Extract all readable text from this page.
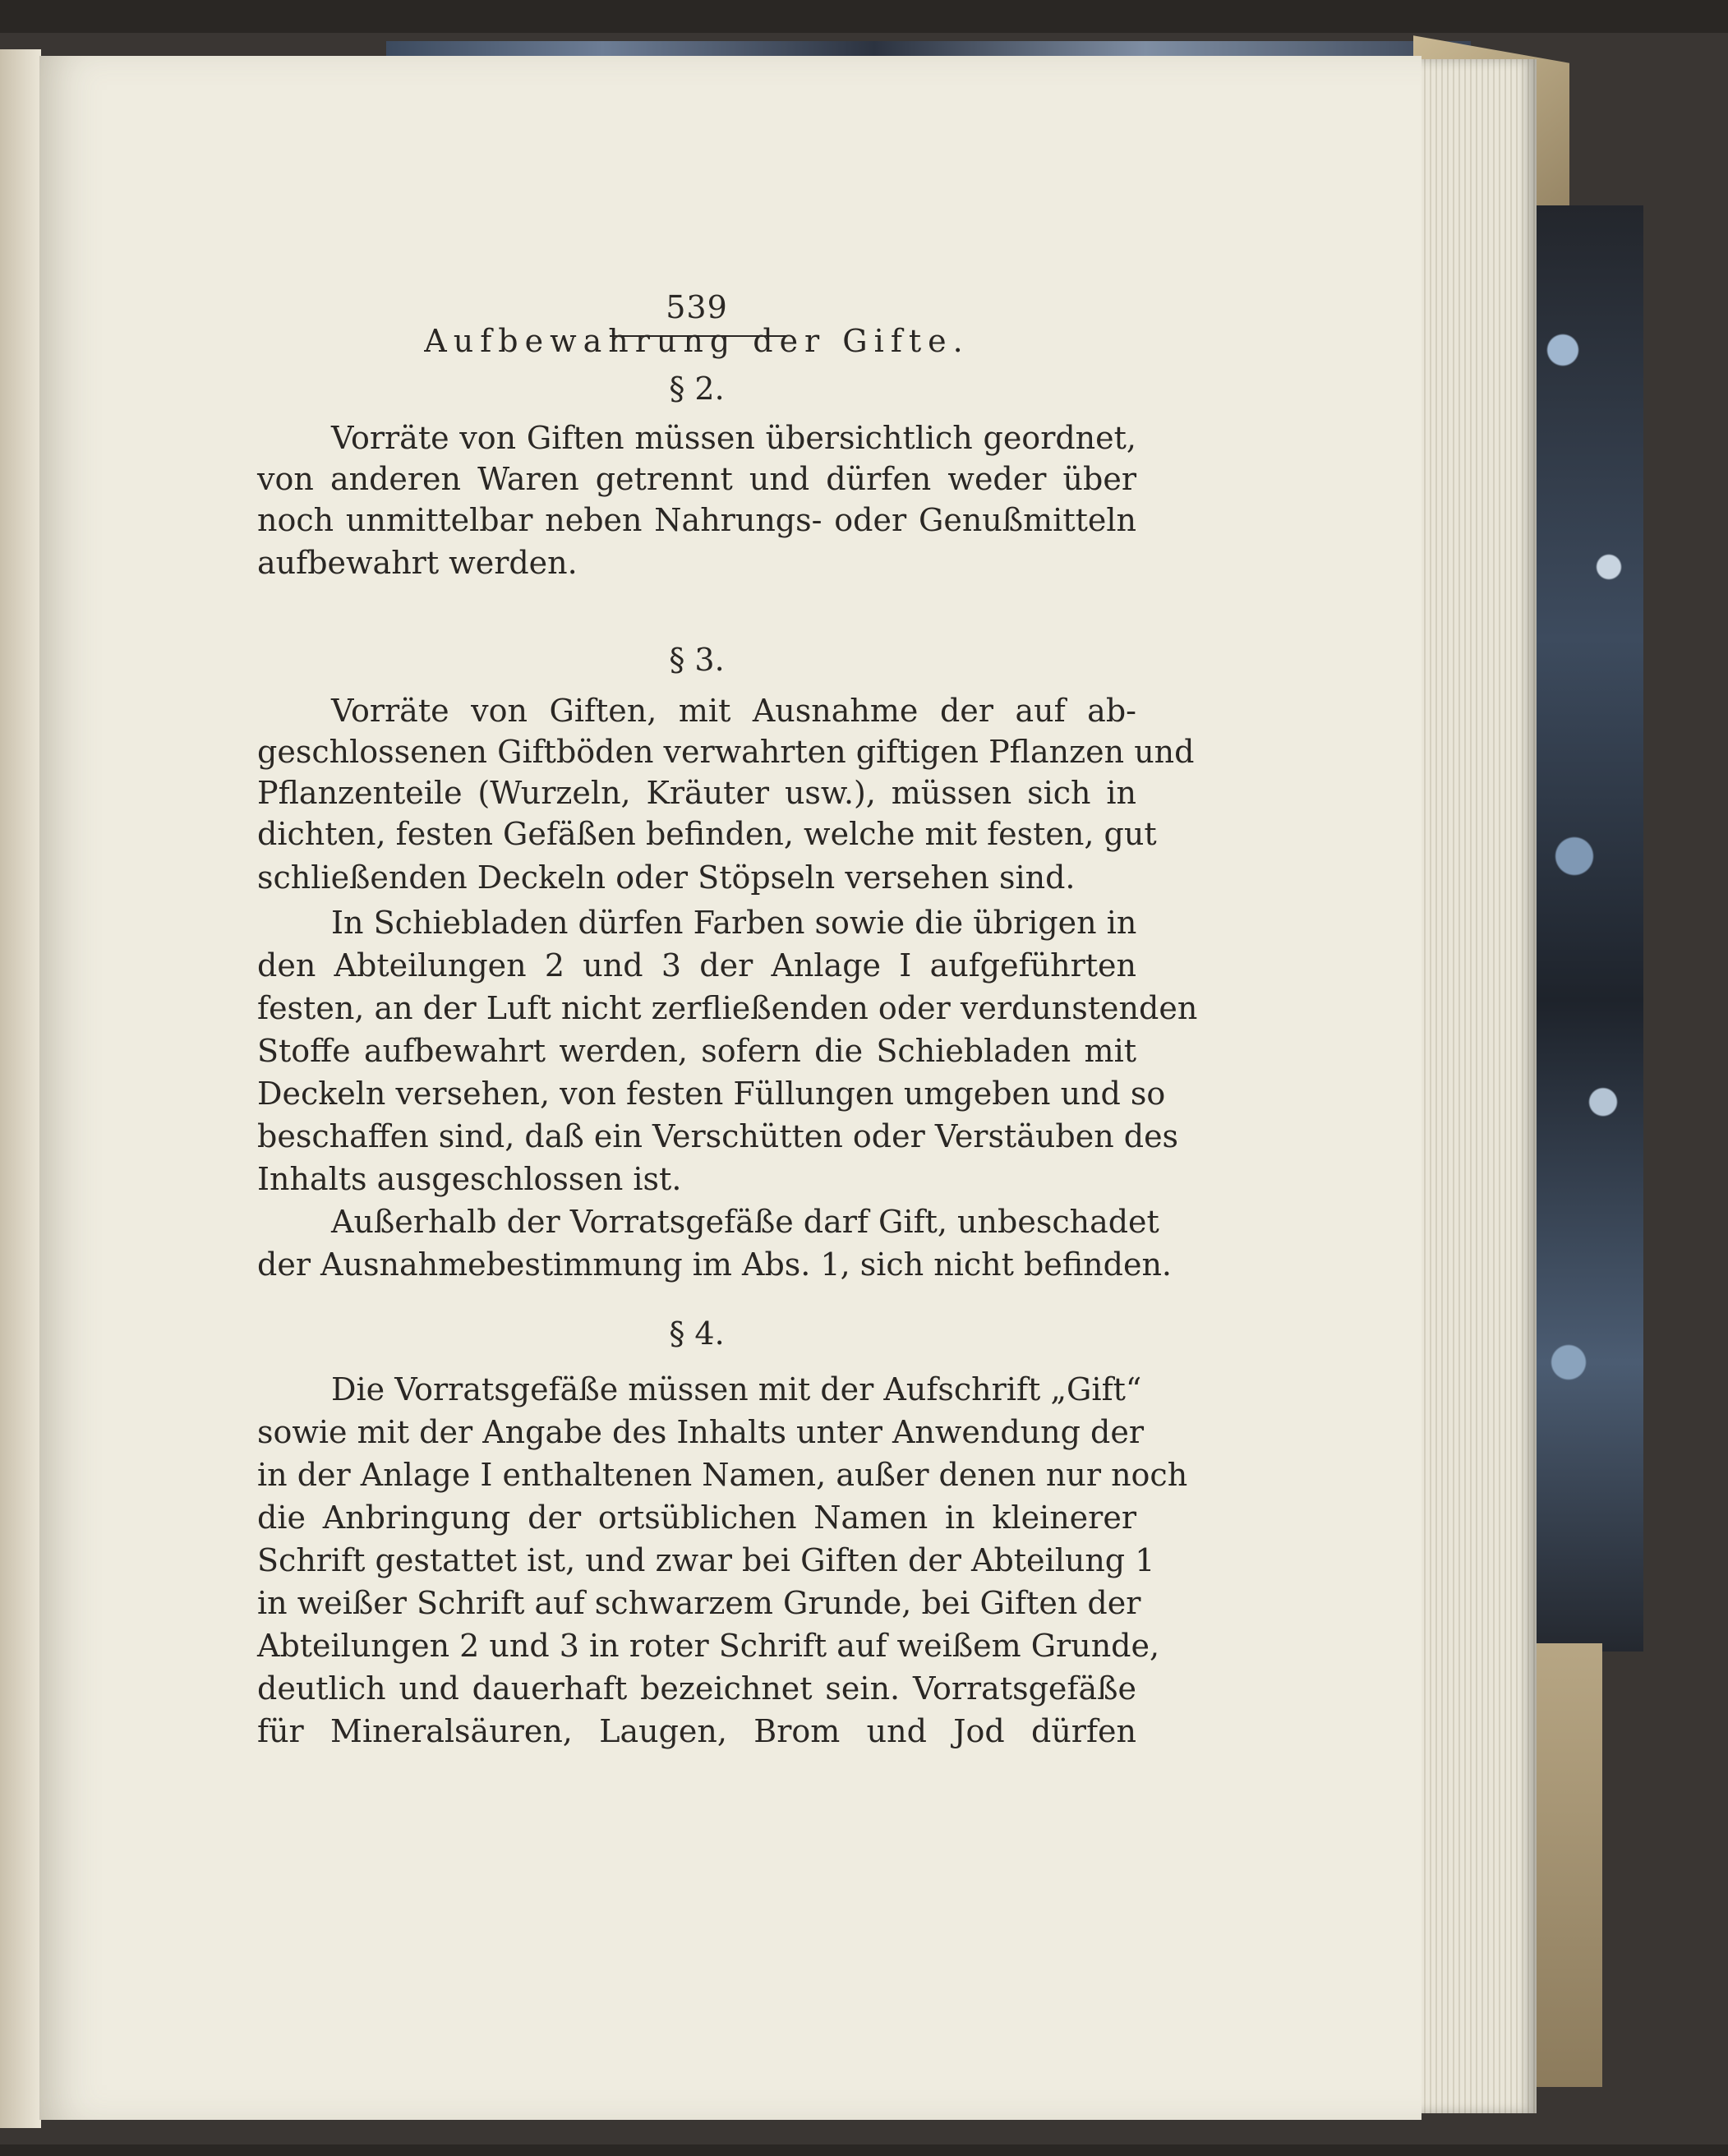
539
Aufbewahrung der Gifte.
§ 2.
Vorräte von Giften müssen übersichtlich geordnet,
von anderen Waren getrennt und dürfen weder über
noch unmittelbar neben Nahrungs- oder Genußmitteln
aufbewahrt werden.
§ 3.
Vorräte von Giften, mit Ausnahme der auf ab-
geschlossenen Giftböden verwahrten giftigen Pflanzen und
Pflanzenteile (Wurzeln, Kräuter usw.), müssen sich in
dichten, festen Gefäßen befinden, welche mit festen, gut
schließenden Deckeln oder Stöpseln versehen sind.
In Schiebladen dürfen Farben sowie die übrigen in
den Abteilungen 2 und 3 der Anlage I aufgeführten
festen, an der Luft nicht zerfließenden oder verdunstenden
Stoffe aufbewahrt werden, sofern die Schiebladen mit
Deckeln versehen, von festen Füllungen umgeben und so
beschaffen sind, daß ein Verschütten oder Verstäuben des
Inhalts ausgeschlossen ist.
Außerhalb der Vorratsgefäße darf Gift, unbeschadet
der Ausnahmebestimmung im Abs. 1, sich nicht befinden.
§ 4.
Die Vorratsgefäße müssen mit der Aufschrift „Gift“
sowie mit der Angabe des Inhalts unter Anwendung der
in der Anlage I enthaltenen Namen, außer denen nur noch
die Anbringung der ortsüblichen Namen in kleinerer
Schrift gestattet ist, und zwar bei Giften der Abteilung 1
in weißer Schrift auf schwarzem Grunde, bei Giften der
Abteilungen 2 und 3 in roter Schrift auf weißem Grunde,
deutlich und dauerhaft bezeichnet sein. Vorratsgefäße
für Mineralsäuren, Laugen, Brom und Jod dürfen
